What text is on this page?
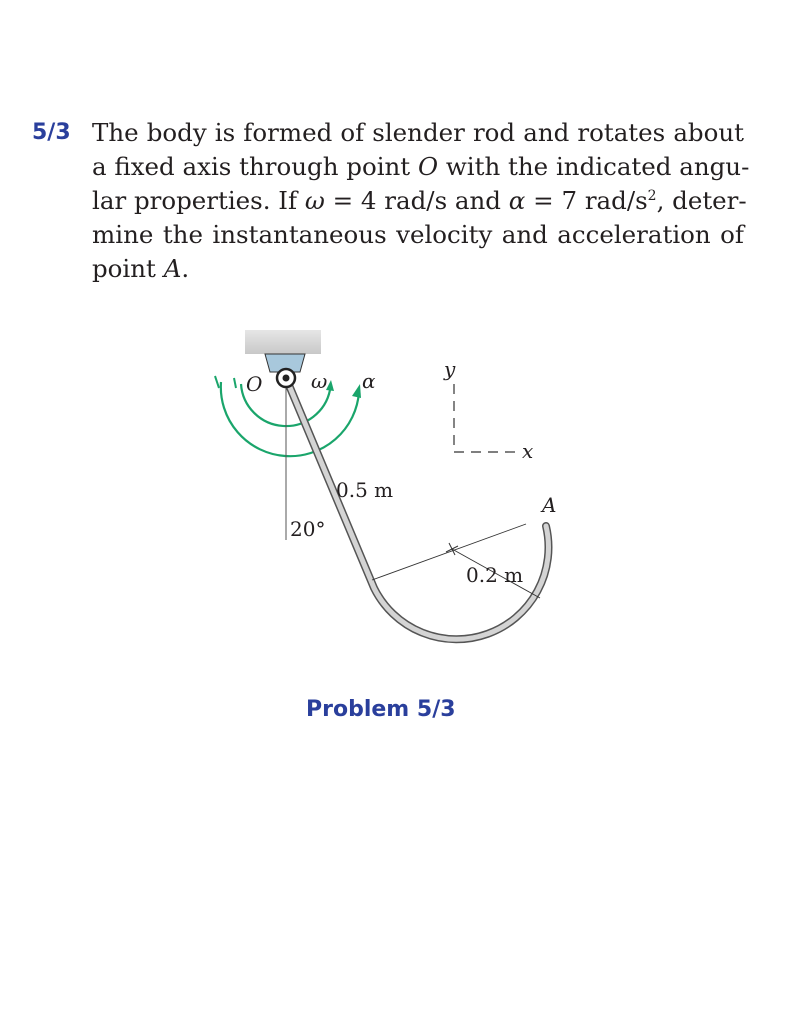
5/3 The body is formed of slender rod and rotates about
a fixed axis through point O with the indicated angu-
lar properties. If ω = 4 rad/s and α = 7 rad/$s^2$, deter-
mine the instantaneous velocity and acceleration of
point A.
O ω α	y
x
0.5 m
20°
A
0.2 m
Problem 5/3
